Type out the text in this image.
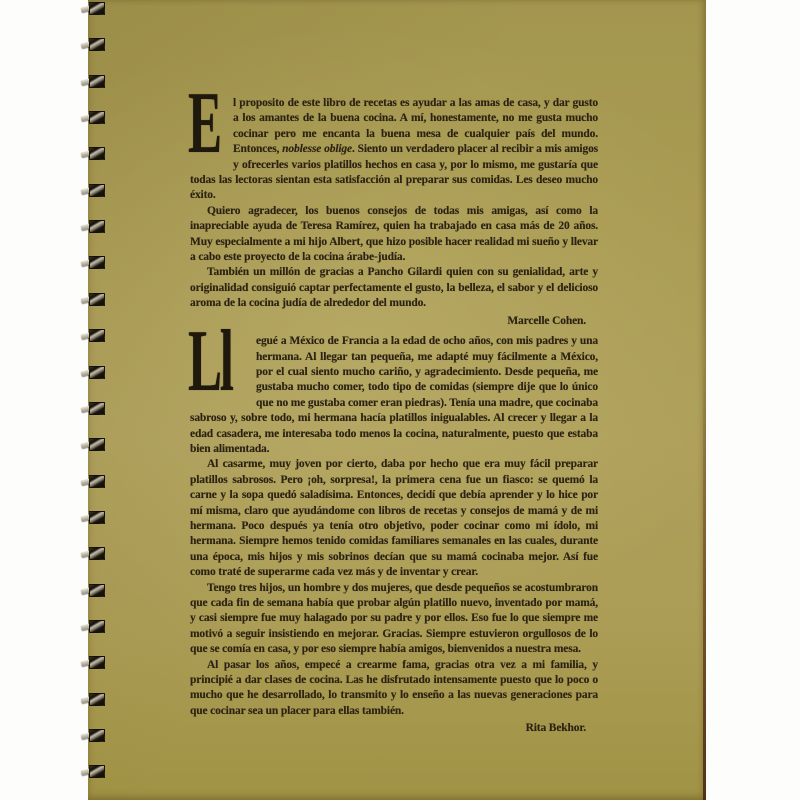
E l proposito de este libro de recetas es ayudar a las amas de casa, y dar gusto a los amantes de la buena cocina. A mí, honestamente, no me gusta mucho cocinar pero me encanta la buena mesa de cualquier país del mundo. Entonces, noblesse oblige. Siento un verdadero placer al recibir a mis amigos y ofrecerles varios platillos hechos en casa y, por lo mismo, me gustaría que todas las lectoras sientan esta satisfacción al preparar sus comidas. Les deseo mucho éxito.

Quiero agradecer, los buenos consejos de todas mis amigas, así como la inapreciable ayuda de Teresa Ramírez, quien ha trabajado en casa más de 20 años. Muy especialmente a mi hijo Albert, que hizo posible hacer realidad mi sueño y llevar a cabo este proyecto de la cocina árabe-judía.

También un millón de gracias a Pancho Gilardi quien con su genialidad, arte y originalidad consiguió captar perfectamente el gusto, la belleza, el sabor y el delicioso aroma de la cocina judía de alrededor del mundo.

Marcelle Cohen.

Ll egué a México de Francia a la edad de ocho años, con mis padres y una hermana. Al llegar tan pequeña, me adapté muy fácilmente a México, por el cual siento mucho cariño, y agradecimiento. Desde pequeña, me gustaba mucho comer, todo tipo de comidas (siempre dije que lo único que no me gustaba comer eran piedras). Tenía una madre, que cocinaba sabroso y, sobre todo, mi hermana hacía platillos inigualables. Al crecer y llegar a la edad casadera, me interesaba todo menos la cocina, naturalmente, puesto que estaba bien alimentada.

Al casarme, muy joven por cierto, daba por hecho que era muy fácil preparar platillos sabrosos. Pero ¡oh, sorpresa!, la primera cena fue un fiasco: se quemó la carne y la sopa quedó saladísima. Entonces, decidí que debía aprender y lo hice por mí misma, claro que ayudándome con libros de recetas y consejos de mamá y de mi hermana. Poco después ya tenía otro objetivo, poder cocinar como mi ídolo, mi hermana. Siempre hemos tenido comidas familiares semanales en las cuales, durante una época, mis hijos y mis sobrinos decían que su mamá cocinaba mejor. Así fue como traté de superarme cada vez más y de inventar y crear.

Tengo tres hijos, un hombre y dos mujeres, que desde pequeños se acostumbraron que cada fin de semana había que probar algún platillo nuevo, inventado por mamá, y casi siempre fue muy halagado por su padre y por ellos. Eso fue lo que siempre me motivó a seguir insistiendo en mejorar. Gracias. Siempre estuvieron orgullosos de lo que se comía en casa, y por eso siempre había amigos, bienvenidos a nuestra mesa.

Al pasar los años, empecé a crearme fama, gracias otra vez a mi familia, y principié a dar clases de cocina. Las he disfrutado intensamente puesto que lo poco o mucho que he desarrollado, lo transmito y lo enseño a las nuevas generaciones para que cocinar sea un placer para ellas también.

Rita Bekhor.
